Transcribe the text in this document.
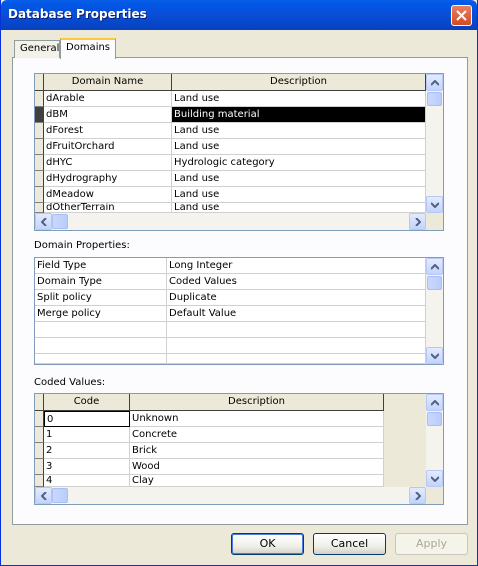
Database Properties
General Domains
Domain Name	Description
dArable	Land use
dBM	Building material
dForest	Land use
dFruitOrchard	Land use
dHYC	Hydrologic category
dHydrography	Land use
dMeadow	Land use
dOtherTerrain	Land use
Domain Properties:
Field Type	Long Integer
Domain Type	Coded Values
Split policy	Duplicate
Merge policy	Default Value
Coded Values:
Code	Description
0	Unknown
1	Concrete
2	Brick
3	Wood
4	Clay
OK	Cancel	Apply
